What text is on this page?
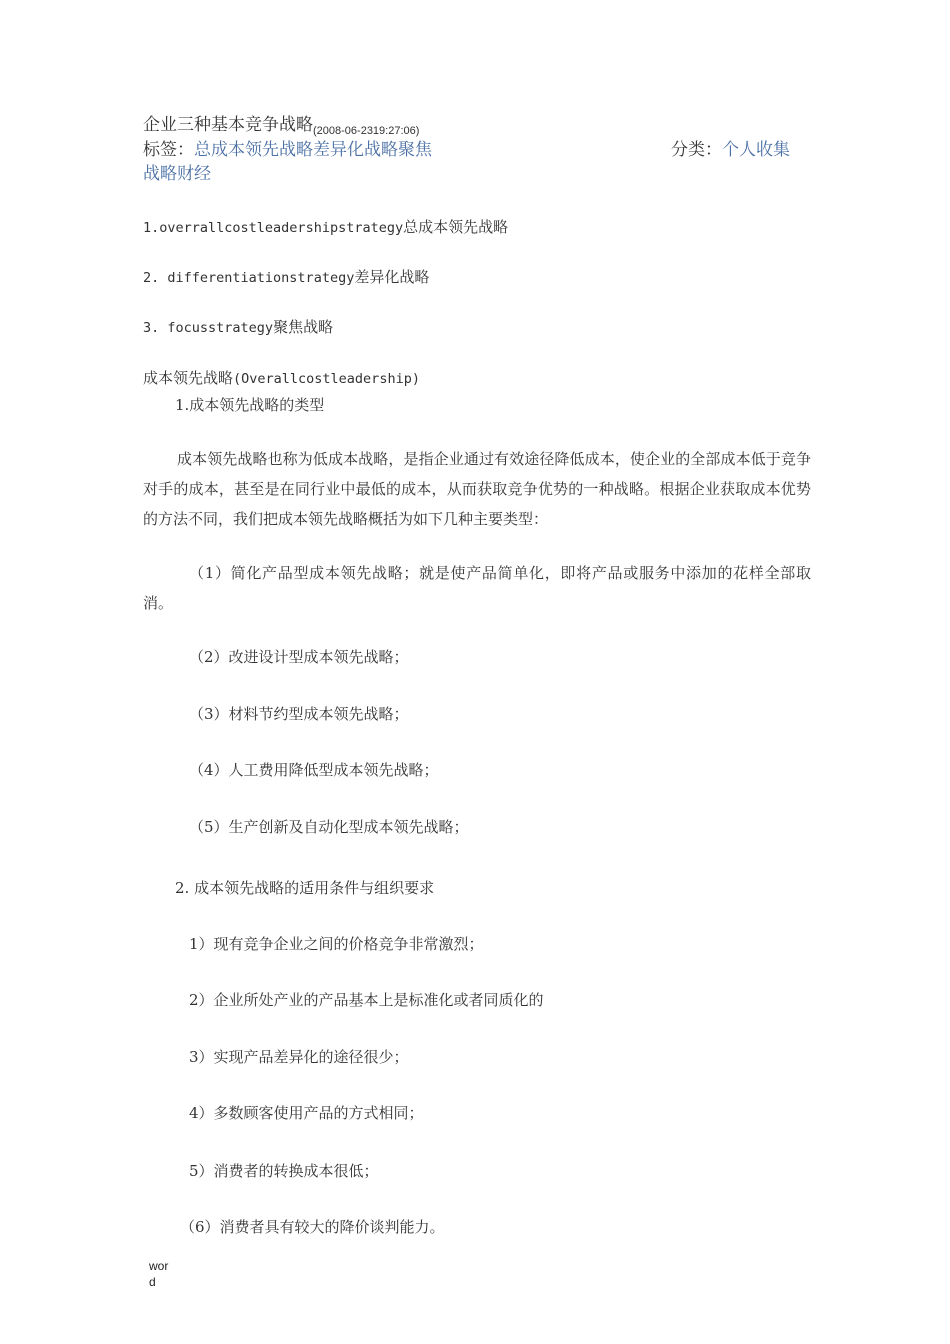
企业三种基本竞争战略$_{(2008-06-2319:27:06)}$
标签：总成本领先战略差异化战略聚焦	分类：个人收集
战略财经
1.overrallcostleadershipstrategy总成本领先战略
2. differentiationstrategy差异化战略
3. focusstrategy聚焦战略
成本领先战略(Overallcostleadership)
1.成本领先战略的类型
成本领先战略也称为低成本战略，是指企业通过有效途径降低成本，使企业的全部成本低于竞争对手的成本，甚至是在同行业中最低的成本，从而获取竞争优势的一种战略。根据企业获取成本优势的方法不同，我们把成本领先战略概括为如下几种主要类型：
（1）简化产品型成本领先战略；就是使产品简单化，即将产品或服务中添加的花样全部取消。
（2）改进设计型成本领先战略；
（3）材料节约型成本领先战略；
（4）人工费用降低型成本领先战略；
（5）生产创新及自动化型成本领先战略；
2. 成本领先战略的适用条件与组织要求
1）现有竞争企业之间的价格竞争非常激烈；
2）企业所处产业的产品基本上是标准化或者同质化的
3）实现产品差异化的途径很少；
4）多数顾客使用产品的方式相同；
5）消费者的转换成本很低；
（6）消费者具有较大的降价谈判能力。
word
